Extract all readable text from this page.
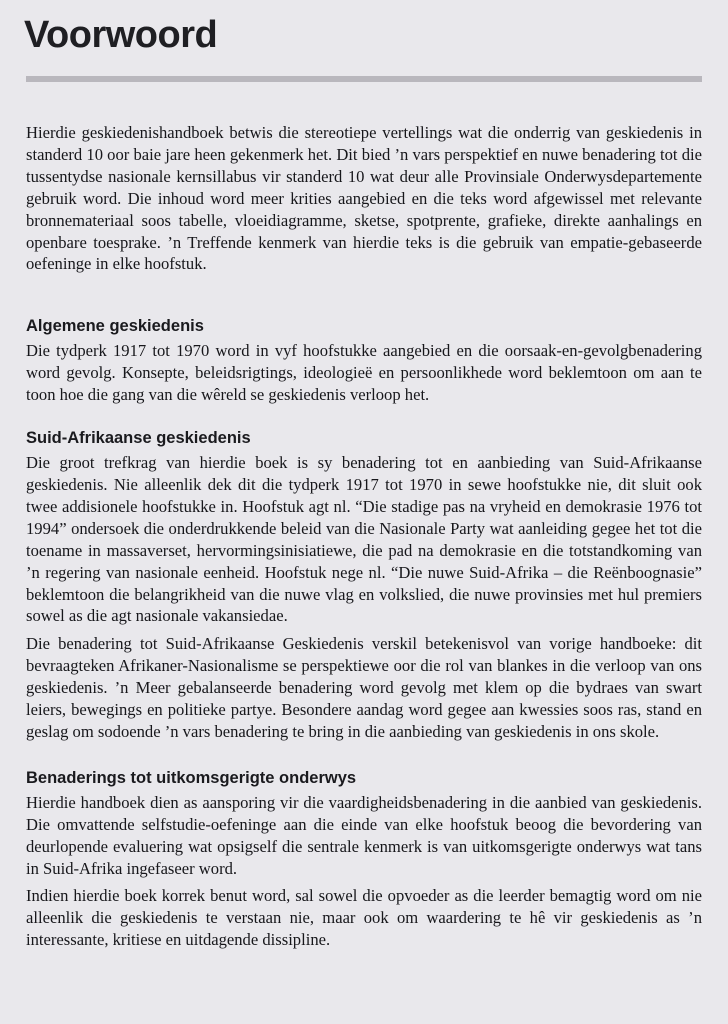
Voorwoord

Hierdie geskiedenishandboek betwis die stereotiepe vertellings wat die onderrig van geskiedenis in standerd 10 oor baie jare heen gekenmerk het. Dit bied ’n vars perspektief en nuwe benadering tot die tussentydse nasionale kernsillabus vir standerd 10 wat deur alle Provinsiale Onderwysdepartemente gebruik word. Die inhoud word meer krities aangebied en die teks word afgewissel met relevante bronnemateriaal soos tabelle, vloeidiagramme, sketse, spotprente, grafieke, direkte aanhalings en openbare toesprake. ’n Treffende kenmerk van hierdie teks is die gebruik van empatie-gebaseerde oefeninge in elke hoofstuk.

Algemene geskiedenis

Die tydperk 1917 tot 1970 word in vyf hoofstukke aangebied en die oorsaak-en-gevolgbenadering word gevolg. Konsepte, beleidsrigtings, ideologieë en persoonlikhede word beklemtoon om aan te toon hoe die gang van die wêreld se geskiedenis verloop het.

Suid-Afrikaanse geskiedenis

Die groot trefkrag van hierdie boek is sy benadering tot en aanbieding van Suid-Afrikaanse geskiedenis. Nie alleenlik dek dit die tydperk 1917 tot 1970 in sewe hoofstukke nie, dit sluit ook twee addisionele hoofstukke in. Hoofstuk agt nl. “Die stadige pas na vryheid en demokrasie 1976 tot 1994” ondersoek die onderdrukkende beleid van die Nasionale Party wat aanleiding gegee het tot die toename in massaverset, hervormingsinisiatiewe, die pad na demokrasie en die totstandkoming van ’n regering van nasionale eenheid. Hoofstuk nege nl. “Die nuwe Suid-Afrika – die Reënboognasie” beklemtoon die belangrikheid van die nuwe vlag en volkslied, die nuwe provinsies met hul premiers sowel as die agt nasionale vakansiedae.

Die benadering tot Suid-Afrikaanse Geskiedenis verskil betekenisvol van vorige handboeke: dit bevraagteken Afrikaner-Nasionalisme se perspektiewe oor die rol van blankes in die verloop van ons geskiedenis. ’n Meer gebalanseerde benadering word gevolg met klem op die bydraes van swart leiers, bewegings en politieke partye. Besondere aandag word gegee aan kwessies soos ras, stand en geslag om sodoende ’n vars benadering te bring in die aanbieding van geskiedenis in ons skole.

Benaderings tot uitkomsgerigte onderwys

Hierdie handboek dien as aansporing vir die vaardigheidsbenadering in die aanbied van geskiedenis. Die omvattende selfstudie-oefeninge aan die einde van elke hoofstuk beoog die bevordering van deurlopende evaluering wat opsigself die sentrale kenmerk is van uitkomsgerigte onderwys wat tans in Suid-Afrika ingefaseer word.

Indien hierdie boek korrek benut word, sal sowel die opvoeder as die leerder bemagtig word om nie alleenlik die geskiedenis te verstaan nie, maar ook om waardering te hê vir geskiedenis as ’n interessante, kritiese en uitdagende dissipline.
